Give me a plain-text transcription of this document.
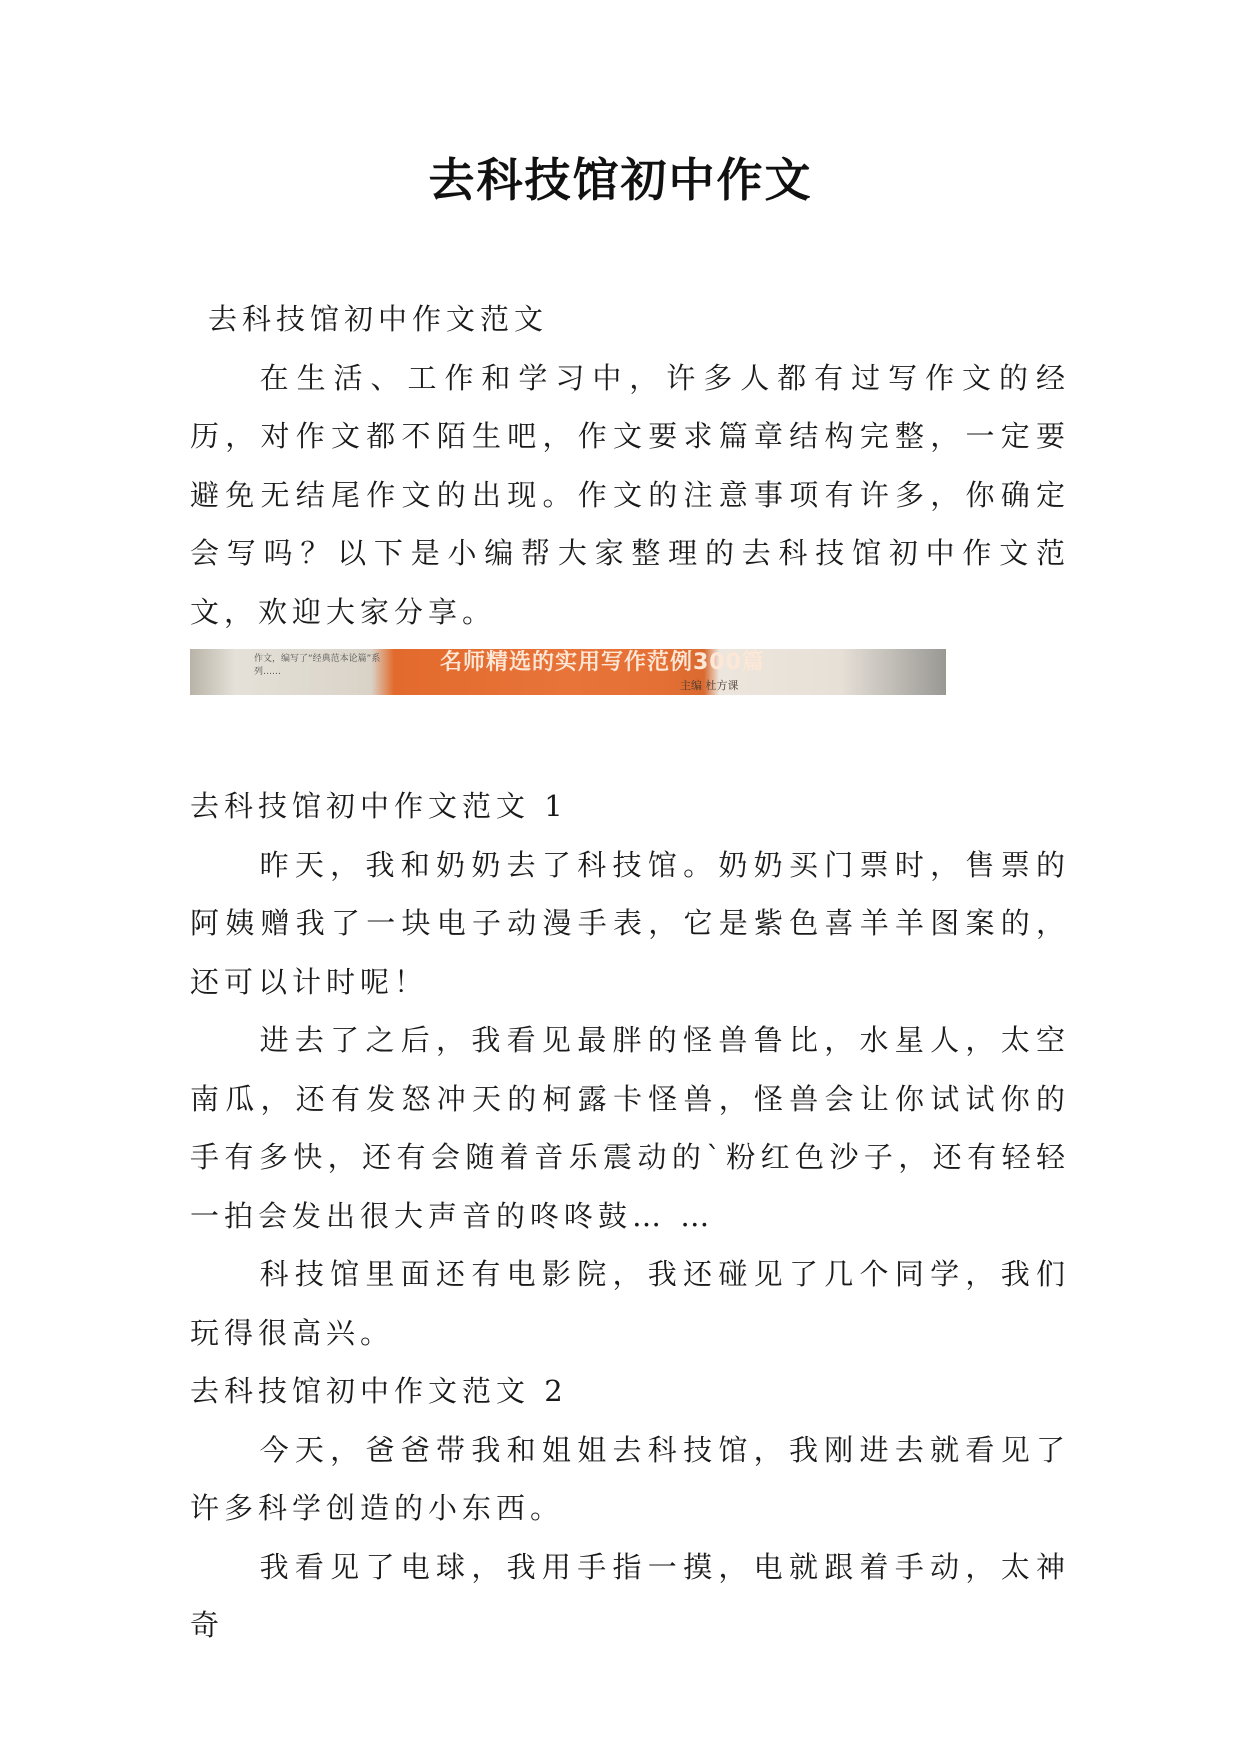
去科技馆初中作文

去科技馆初中作文范文

在生活、工作和学习中，许多人都有过写作文的经历，对作文都不陌生吧，作文要求篇章结构完整，一定要避免无结尾作文的出现。作文的注意事项有许多，你确定会写吗？以下是小编帮大家整理的去科技馆初中作文范文，欢迎大家分享。

作文，编写了“经典范本论篇”系列……	名师精选的实用写作范例300篇
主编 杜方课

去科技馆初中作文范文 1

昨天，我和奶奶去了科技馆。奶奶买门票时，售票的阿姨赠我了一块电子动漫手表，它是紫色喜羊羊图案的，还可以计时呢！

进去了之后，我看见最胖的怪兽鲁比，水星人，太空南瓜，还有发怒冲天的柯露卡怪兽，怪兽会让你试试你的手有多快，还有会随着音乐震动的`粉红色沙子，还有轻轻一拍会发出很大声音的咚咚鼓… …

科技馆里面还有电影院，我还碰见了几个同学，我们玩得很高兴。

去科技馆初中作文范文 2

今天，爸爸带我和姐姐去科技馆，我刚进去就看见了许多科学创造的小东西。

我看见了电球，我用手指一摸，电就跟着手动，太神奇
